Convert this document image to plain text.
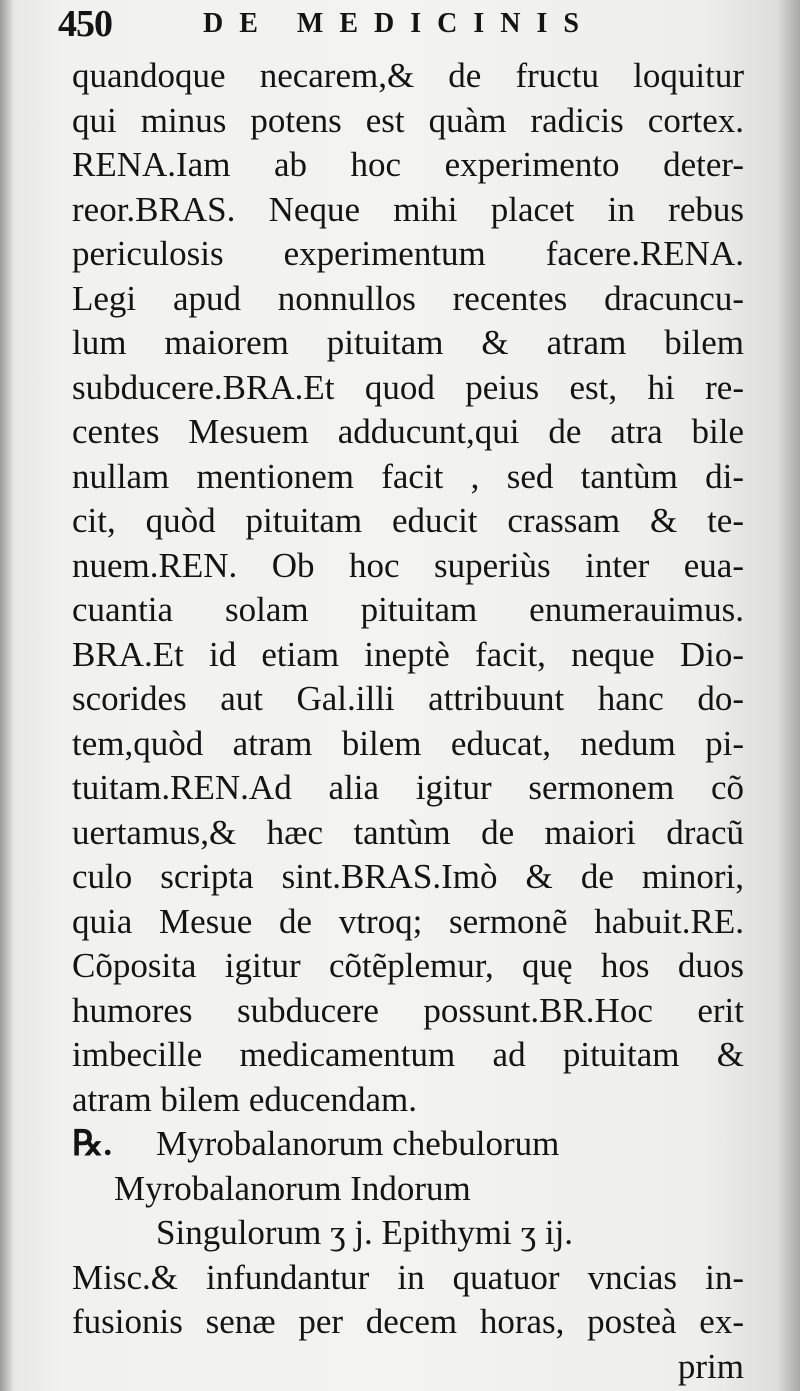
450	DE MEDICINIS
quandoque necarem,& de fructu loquitur
qui minus potens est quàm radicis cortex.
RENA.Iam ab hoc experimento deter-
reor.BRAS. Neque mihi placet in rebus
periculosis experimentum facere.RENA.
Legi apud nonnullos recentes dracuncu-
lum maiorem pituitam & atram bilem
subducere.BRA.Et quod peius est, hi re-
centes Mesuem adducunt,qui de atra bile
nullam mentionem facit , sed tantùm di-
cit, quòd pituitam educit crassam & te-
nuem.REN. Ob hoc superiùs inter eua-
cuantia solam pituitam enumerauimus.
BRA.Et id etiam ineptè facit, neque Dio-
scorides aut Gal.illi attribuunt hanc do-
tem,quòd atram bilem educat, nedum pi-
tuitam.REN.Ad alia igitur sermonem cõ
uertamus,& hæc tantùm de maiori dracũ
culo scripta sint.BRAS.Imò & de minori,
quia Mesue de vtroq; sermonẽ habuit.RE.
Cõposita igitur cõtẽplemur, quę hos duos
humores subducere possunt.BR.Hoc erit
imbecille medicamentum ad pituitam &
atram bilem educendam.
℞. Myrobalanorum chebulorum
Myrobalanorum Indorum
Singulorum ʒ j. Epithymi ʒ ij.
Misc.& infundantur in quatuor vncias in-
fusionis senæ per decem horas, posteà ex-
prim
